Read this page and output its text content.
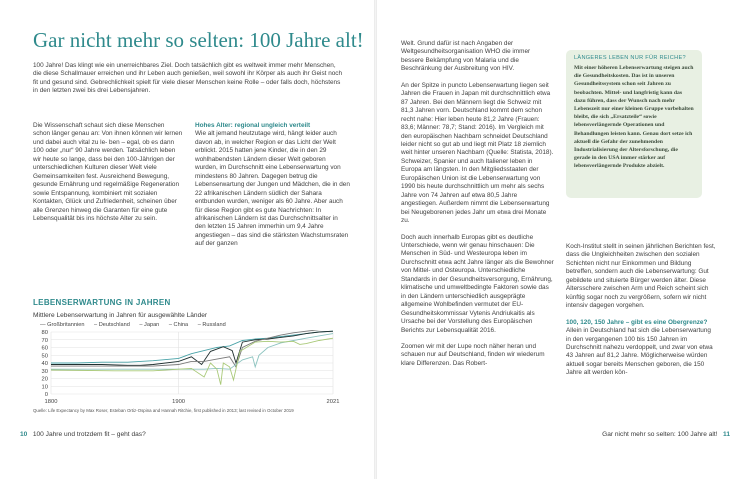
Gar nicht mehr so selten: 100 Jahre alt!
100 Jahre! Das klingt wie ein unerreichbares Ziel. Doch tatsächlich gibt es weltweit immer mehr Menschen, die diese Schallmauer erreichen und ihr Leben auch genießen, weil sowohl ihr Körper als auch ihr Geist noch fit und gesund sind. Gebrechlichkeit spielt für viele dieser Menschen keine Rolle – oder falls doch, höchstens in den letzten zwei bis drei Lebensjahren.
Die Wissenschaft schaut sich diese Menschen schon länger genau an: Von ihnen können wir lernen und dabei auch vital zu le- ben – egal, ob es dann 100 oder „nur“ 90 Jahre werden. Tatsächlich leben wir heute so lange, dass bei den 100-Jährigen der unterschiedlichen Kulturen dieser Welt viele Gemeinsamkeiten fest. Ausreichend Bewegung, gesunde Ernährung und regelmäßige Regeneration sowie Entspannung, kombiniert mit sozialen Kontakten, Glück und Zufriedenheit, scheinen über alle Grenzen hinweg die Garanten für eine gute Lebensqualität bis ins höchste Alter zu sein.
Hohes Alter: regional ungleich verteilt
Wie alt jemand heutzutage wird, hängt leider auch davon ab, in welcher Region er das Licht der Welt erblickt. 2015 hatten jene Kinder, die in den 29 wohlhabendsten Ländern dieser Welt geboren wurden, im Durchschnitt eine Lebenserwartung von mindestens 80 Jahren. Dagegen betrug die Lebenserwartung der Jungen und Mädchen, die in den 22 afrikanischen Ländern südlich der Sahara entbunden wurden, weniger als 60 Jahre. Aber auch für diese Region gibt es gute Nachrichten: In afrikanischen Ländern ist das Durchschnittsalter in den letzten 15 Jahren immerhin um 9,4 Jahre angestiegen – das sind die stärksten Wachstumsraten auf der ganzen
LEBENSERWARTUNG IN JAHREN
Mittlere Lebenserwartung in Jahren für ausgewählte Länder
— Großbritannien – Deutschland – Japan – China – Russland
0
10
20
30
40
50
60
70
80
1800	1900	2021
Quelle: Life Expectancy by Max Roser, Esteban Ortiz-Ospina and Hannah Ritchie, first published in 2013; last revised in October 2019
10 100 Jahre und trotzdem fit – geht das?
Welt. Grund dafür ist nach Angaben der Weltgesundheitsorganisation WHO die immer bessere Bekämpfung von Malaria und die Beschränkung der Ausbreitung von HIV.
An der Spitze in puncto Lebenserwartung liegen seit Jahren die Frauen in Japan mit durchschnittlich etwa 87 Jahren. Bei den Männern liegt die Schweiz mit 81,3 Jahren vorn. Deutschland kommt dem schon recht nahe: Hier leben heute 81,2 Jahre (Frauen: 83,6; Männer: 78,7; Stand: 2016). Im Vergleich mit den europäischen Nachbarn schneidet Deutschland leider nicht so gut ab und liegt mit Platz 18 ziemlich weit hinter unseren Nachbarn (Quelle: Statista, 2018). Schweizer, Spanier und auch Italiener leben in Europa am längsten. In den Mitgliedsstaaten der Europäischen Union ist die Lebenserwartung von 1990 bis heute durchschnittlich um mehr als sechs Jahre von 74 Jahren auf etwa 80,5 Jahre angestiegen. Außerdem nimmt die Lebenserwartung bei Neugeborenen jedes Jahr um etwa drei Monate zu.
Doch auch innerhalb Europas gibt es deutliche Unterschiede, wenn wir genau hinschauen: Die Menschen in Süd- und Westeuropa leben im Durchschnitt etwa acht Jahre länger als die Bewohner von Mittel- und Osteuropa. Unterschiedliche Standards in der Gesundheitsversorgung, Ernährung, klimatische und umweltbedingte Faktoren sowie das in den Ländern unterschiedlich ausgeprägte allgemeine Wohlbefinden vermutet der EU-Gesundheitskommissar Vytenis Andriukaitis als Ursache bei der Vorstellung des Europäischen Berichts zur Lebensqualität 2016.
Zoomen wir mit der Lupe noch näher heran und schauen nur auf Deutschland, finden wir wiederum klare Differenzen. Das Robert-
LÄNGERES LEBEN NUR FÜR REICHE?
Mit einer höheren Lebenserwartung steigen auch die Gesundheitskosten. Das ist in unseren Gesundheitssystem schon seit Jahren zu beobachten. Mittel- und langfristig kann das dazu führen, dass der Wunsch nach mehr Lebenszeit nur einer kleinen Gruppe vorbehalten bleibt, die sich „Ersatzteile“ sowie lebensverlängernde Operationen und Behandlungen leisten kann. Genau dort setze ich aktuell die Gefahr der zunehmenden Industrialisierung der Altersforschung, die gerade in den USA immer stärker auf lebensverlängernde Produkte abzielt.
Koch-Institut stellt in seinen jährlichen Berichten fest, dass die Ungleichheiten zwischen den sozialen Schichten nicht nur Einkommen und Bildung betreffen, sondern auch die Lebenserwartung: Gut gebildete und situierte Bürger werden älter. Diese Altersschere zwischen Arm und Reich scheint sich künftig sogar noch zu vergrößern, sofern wir nicht intensiv dagegen vorgehen.
100, 120, 150 Jahre – gibt es eine Obergrenze?
Allein in Deutschland hat sich die Lebenserwartung in den vergangenen 100 bis 150 Jahren im Durchschnitt nahezu verdoppelt, und zwar von etwa 43 Jahren auf 81,2 Jahre. Möglicherweise würden aktuell sogar bereits Menschen geboren, die 150 Jahre alt werden kön-
Gar nicht mehr so selten: 100 Jahre alt! 11
